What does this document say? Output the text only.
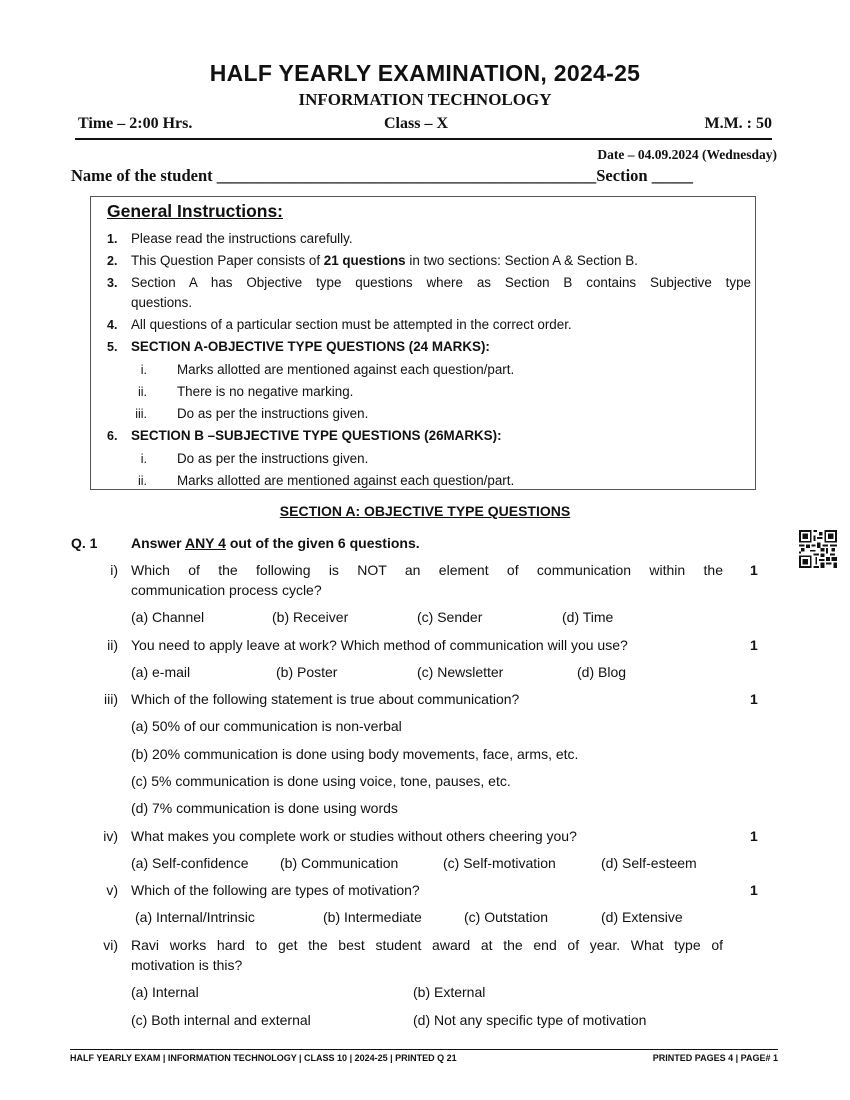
HALF YEARLY EXAMINATION, 2024-25
INFORMATION TECHNOLOGY
Time – 2:00 Hrs.	Class – X	M.M. : 50
Date – 04.09.2024 (Wednesday)
Name of the student ______________________________________________Section _____
General Instructions:
1. Please read the instructions carefully.
2. This Question Paper consists of 21 questions in two sections: Section A & Section B.
3. Section A has Objective type questions where as Section B contains Subjective type
questions.
4. All questions of a particular section must be attempted in the correct order.
5. SECTION A-OBJECTIVE TYPE QUESTIONS (24 MARKS):
i. Marks allotted are mentioned against each question/part.
ii. There is no negative marking.
iii. Do as per the instructions given.
6. SECTION B –SUBJECTIVE TYPE QUESTIONS (26MARKS):
i. Do as per the instructions given.
ii. Marks allotted are mentioned against each question/part.
SECTION A: OBJECTIVE TYPE QUESTIONS
Q. 1 Answer ANY 4 out of the given 6 questions.
i) Which of the following is NOT an element of communication within the
communication process cycle?
1
(a) Channel	(b) Receiver	(c) Sender	(d) Time
ii) You need to apply leave at work? Which method of communication will you use?	1
(a) e-mail	(b) Poster	(c) Newsletter	(d) Blog
iii) Which of the following statement is true about communication?	1
(a) 50% of our communication is non-verbal
(b) 20% communication is done using body movements, face, arms, etc.
(c) 5% communication is done using voice, tone, pauses, etc.
(d) 7% communication is done using words
iv) What makes you complete work or studies without others cheering you?	1
(a) Self-confidence (b) Communication	(c) Self-motivation	(d) Self-esteem
v) Which of the following are types of motivation?	1
(a) Internal/Intrinsic	(b) Intermediate	(c) Outstation	(d) Extensive
vi) Ravi works hard to get the best student award at the end of year. What type of
motivation is this?
(a) Internal	(b) External
(c) Both internal and external	(d) Not any specific type of motivation
HALF YEARLY EXAM | INFORMATION TECHNOLOGY | CLASS 10 | 2024-25 | PRINTED Q 21	PRINTED PAGES 4 | PAGE# 1
